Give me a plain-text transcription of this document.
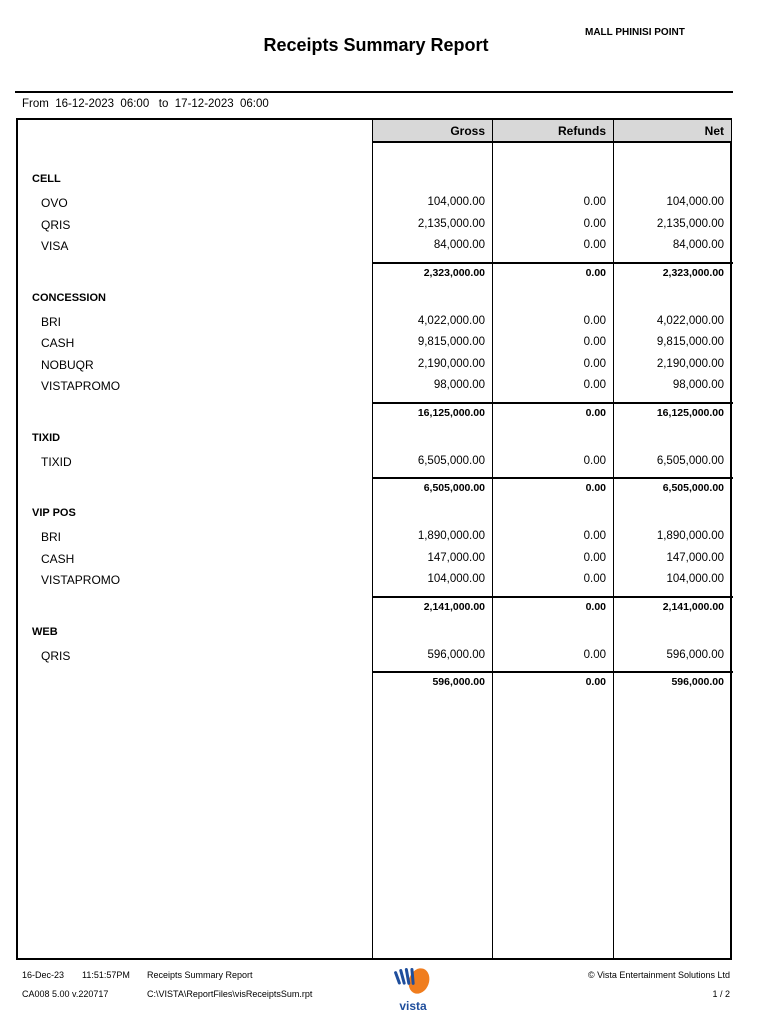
MALL PHINISI POINT
Receipts Summary Report
From  16-12-2023  06:00   to  17-12-2023  06:00
Gross	Refunds	Net
CELL
OVO	104,000.00	0.00	104,000.00
QRIS	2,135,000.00	0.00	2,135,000.00
VISA	84,000.00	0.00	84,000.00
2,323,000.00	0.00	2,323,000.00
CONCESSION
BRI	4,022,000.00	0.00	4,022,000.00
CASH	9,815,000.00	0.00	9,815,000.00
NOBUQR	2,190,000.00	0.00	2,190,000.00
VISTAPROMO	98,000.00	0.00	98,000.00
16,125,000.00	0.00	16,125,000.00
TIXID
TIXID	6,505,000.00	0.00	6,505,000.00
6,505,000.00	0.00	6,505,000.00
VIP POS
BRI	1,890,000.00	0.00	1,890,000.00
CASH	147,000.00	0.00	147,000.00
VISTAPROMO	104,000.00	0.00	104,000.00
2,141,000.00	0.00	2,141,000.00
WEB
QRIS	596,000.00	0.00	596,000.00
596,000.00	0.00	596,000.00
16-Dec-23 11:51:57PM Receipts Summary Report
CA008 5.00 v.220717	C:\VISTA\ReportFiles\visReceiptsSum.rpt
© Vista Entertainment Solutions Ltd
1 / 2
vista
